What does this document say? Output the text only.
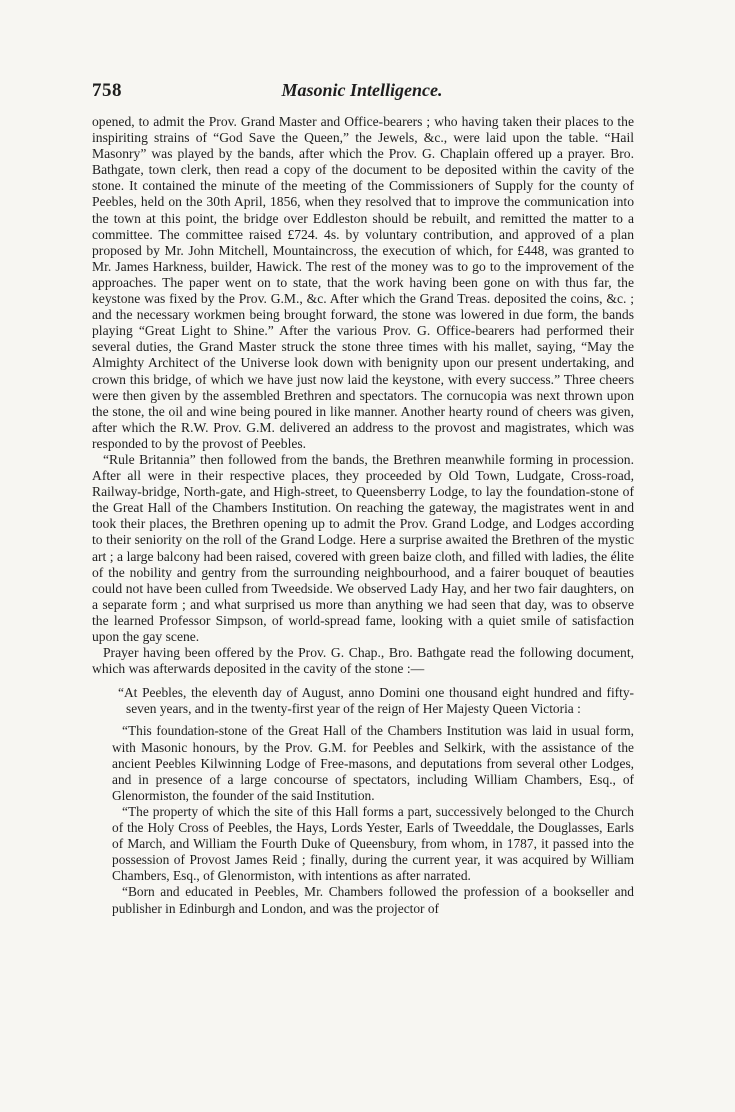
758	Masonic Intelligence.

opened, to admit the Prov. Grand Master and Office-bearers ; who having taken their places to the inspiriting strains of “God Save the Queen,” the Jewels, &c., were laid upon the table. “Hail Masonry” was played by the bands, after which the Prov. G. Chaplain offered up a prayer. Bro. Bathgate, town clerk, then read a copy of the document to be deposited within the cavity of the stone. It contained the minute of the meeting of the Commissioners of Supply for the county of Peebles, held on the 30th April, 1856, when they resolved that to improve the communication into the town at this point, the bridge over Eddleston should be rebuilt, and remitted the matter to a committee. The committee raised £724. 4s. by voluntary contribution, and approved of a plan proposed by Mr. John Mitchell, Mountaincross, the execution of which, for £448, was granted to Mr. James Harkness, builder, Hawick. The rest of the money was to go to the improvement of the approaches. The paper went on to state, that the work having been gone on with thus far, the keystone was fixed by the Prov. G.M., &c. After which the Grand Treas. deposited the coins, &c. ; and the necessary workmen being brought forward, the stone was lowered in due form, the bands playing “Great Light to Shine.” After the various Prov. G. Office-bearers had performed their several duties, the Grand Master struck the stone three times with his mallet, saying, “May the Almighty Architect of the Universe look down with benignity upon our present undertaking, and crown this bridge, of which we have just now laid the keystone, with every success.” Three cheers were then given by the assembled Brethren and spectators. The cornucopia was next thrown upon the stone, the oil and wine being poured in like manner. Another hearty round of cheers was given, after which the R.W. Prov. G.M. delivered an address to the provost and magistrates, which was responded to by the provost of Peebles.

“Rule Britannia” then followed from the bands, the Brethren meanwhile forming in procession. After all were in their respective places, they proceeded by Old Town, Ludgate, Cross-road, Railway-bridge, North-gate, and High-street, to Queensberry Lodge, to lay the foundation-stone of the Great Hall of the Chambers Institution. On reaching the gateway, the magistrates went in and took their places, the Brethren opening up to admit the Prov. Grand Lodge, and Lodges according to their seniority on the roll of the Grand Lodge. Here a surprise awaited the Brethren of the mystic art ; a large balcony had been raised, covered with green baize cloth, and filled with ladies, the élite of the nobility and gentry from the surrounding neighbourhood, and a fairer bouquet of beauties could not have been culled from Tweedside. We observed Lady Hay, and her two fair daughters, on a separate form ; and what surprised us more than anything we had seen that day, was to observe the learned Professor Simpson, of world-spread fame, looking with a quiet smile of satisfaction upon the gay scene.

Prayer having been offered by the Prov. G. Chap., Bro. Bathgate read the following document, which was afterwards deposited in the cavity of the stone :—

“At Peebles, the eleventh day of August, anno Domini one thousand eight hundred and fifty-seven years, and in the twenty-first year of the reign of Her Majesty Queen Victoria :

“This foundation-stone of the Great Hall of the Chambers Institution was laid in usual form, with Masonic honours, by the Prov. G.M. for Peebles and Selkirk, with the assistance of the ancient Peebles Kilwinning Lodge of Free-masons, and deputations from several other Lodges, and in presence of a large concourse of spectators, including William Chambers, Esq., of Glenormiston, the founder of the said Institution.

“The property of which the site of this Hall forms a part, successively belonged to the Church of the Holy Cross of Peebles, the Hays, Lords Yester, Earls of Tweeddale, the Douglasses, Earls of March, and William the Fourth Duke of Queensbury, from whom, in 1787, it passed into the possession of Provost James Reid ; finally, during the current year, it was acquired by William Chambers, Esq., of Glenormiston, with intentions as after narrated.

“Born and educated in Peebles, Mr. Chambers followed the profession of a bookseller and publisher in Edinburgh and London, and was the projector of
